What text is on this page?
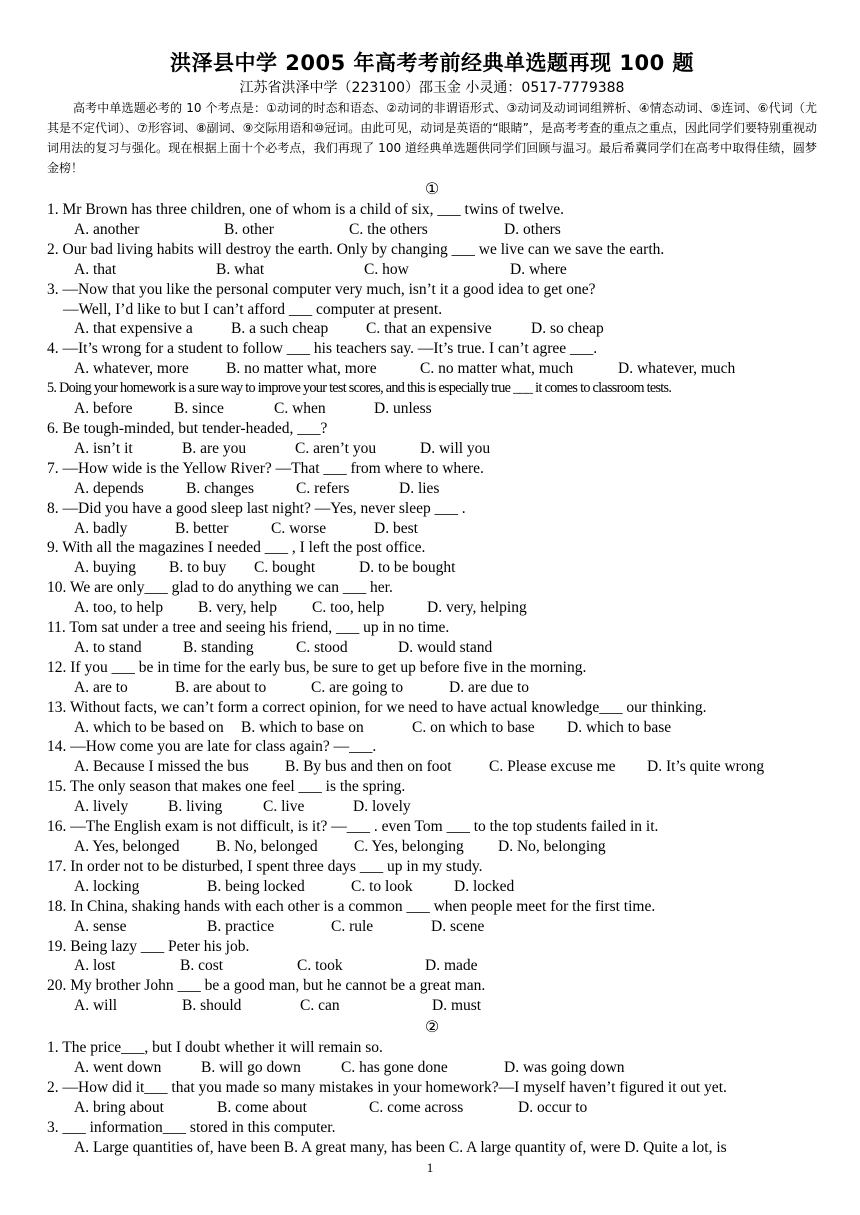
洪泽县中学 2005 年高考考前经典单选题再现 100 题
江苏省洪泽中学（223100）邵玉金 小灵通：0517-7779388

高考中单选题必考的 10 个考点是：①动词的时态和语态、②动词的非谓语形式、③动词及动词词组辨析、④情态动词、⑤连词、⑥代词（尤其是不定代词）、⑦形容词、⑧副词、⑨交际用语和⑩冠词。由此可见，动词是英语的“眼睛”，是高考考查的重点之重点，因此同学们要特别重视动词用法的复习与强化。现在根据上面十个必考点，我们再现了 100 道经典单选题供同学们回顾与温习。最后希冀同学们在高考中取得佳绩，圆梦金榜！

①
1. Mr Brown has three children, one of whom is a child of six, ___ twins of twelve.
A. another	B. other	C. the others	D. others
2. Our bad living habits will destroy the earth. Only by changing ___ we live can we save the earth.
A. that	B. what	C. how	D. where
3. —Now that you like the personal computer very much, isn’t it a good idea to get one?
—Well, I’d like to but I can’t afford ___ computer at present.
A. that expensive a B. a such cheap C. that an expensive	D. so cheap
4. —It’s wrong for a student to follow ___ his teachers say. —It’s true. I can’t agree ___.
A. whatever, more B. no matter what, more	C. no matter what, much	D. whatever, much
5. Doing your homework is a sure way to improve your test scores, and this is especially true ___ it comes to classroom tests.
A. before	B. since	C. when	D. unless
6. Be tough-minded, but tender-headed, ___?
A. isn’t it	B. are you	C. aren’t you	D. will you
7. —How wide is the Yellow River? —That ___ from where to where.
A. depends	B. changes	C. refers	D. lies
8. —Did you have a good sleep last night? —Yes, never sleep ___ .
A. badly	B. better	C. worse	D. best
9. With all the magazines I needed ___ , I left the post office.
A. buying B. to buy C. bought	D. to be bought
10. We are only___ glad to do anything we can ___ her.
A. too, to help B. very, help C. too, help	D. very, helping
11. Tom sat under a tree and seeing his friend, ___ up in no time.
A. to stand	B. standing	C. stood	D. would stand
12. If you ___ be in time for the early bus, be sure to get up before five in the morning.
A. are to	B. are about to	C. are going to	D. are due to
13. Without facts, we can’t form a correct opinion, for we need to have actual knowledge___ our thinking.
A. which to be based on B. which to base on	C. on which to base D. which to base
14. —How come you are late for class again? —___.
A. Because I missed the bus B. By bus and then on foot C. Please excuse me D. It’s quite wrong
15. The only season that makes one feel ___ is the spring.
A. lively	B. living	C. live	D. lovely
16. —The English exam is not difficult, is it? —___ . even Tom ___ to the top students failed in it.
A. Yes, belonged B. No, belonged C. Yes, belonging D. No, belonging
17. In order not to be disturbed, I spent three days ___ up in my study.
A. locking	B. being locked	C. to look	D. locked
18. In China, shaking hands with each other is a common ___ when people meet for the first time.
A. sense	B. practice	C. rule	D. scene
19. Being lazy ___ Peter his job.
A. lost	B. cost	C. took	D. made
20. My brother John ___ be a good man, but he cannot be a great man.
A. will	B. should	C. can	D. must
②
1. The price___, but I doubt whether it will remain so.
A. went down	B. will go down	C. has gone done	D. was going down
2. —How did it___ that you made so many mistakes in your homework?—I myself haven’t figured it out yet.
A. bring about	B. come about	C. come across	D. occur to
3. ___ information___ stored in this computer.
A. Large quantities of, have been B. A great many, has been C. A large quantity of, were D. Quite a lot, is
1
